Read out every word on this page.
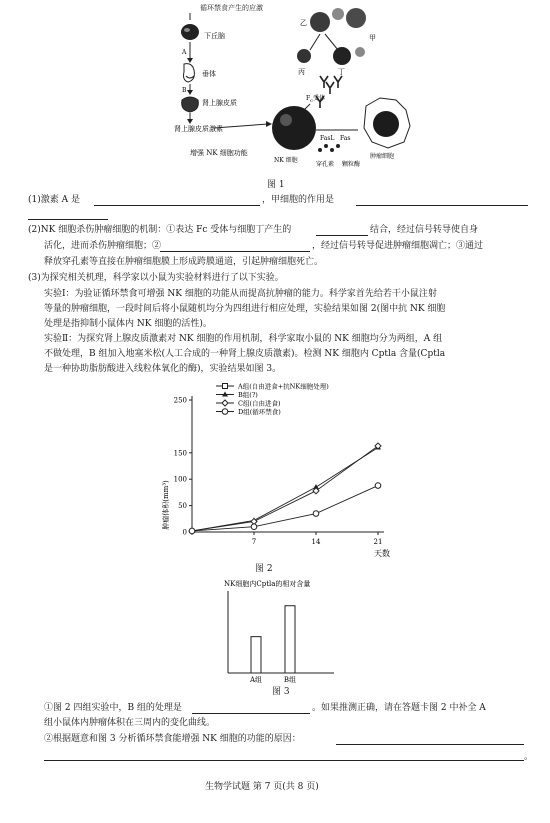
循环禁食产生的应激
下丘脑
A
垂体
B
肾上腺皮质
肾上腺皮质激素
增强 NK 细胞功能
NK 细胞
穿孔素 颗粒酶
FasL Fas
$F_c$受体
乙
甲
丙	丁
肿瘤细胞
图 1
(1)激素 A 是	，甲细胞的作用是
(2)NK 细胞杀伤肿瘤细胞的机制：①表达 Fc 受体与细胞丁产生的	结合，经过信号转导使自身
活化，进而杀伤肿瘤细胞；②	，经过信号转导促进肿瘤细胞凋亡；③通过
释放穿孔素等直接在肿瘤细胞膜上形成跨膜通道，引起肿瘤细胞死亡。
(3)为探究相关机理，科学家以小鼠为实验材料进行了以下实验。
实验Ⅰ：为验证循环禁食可增强 NK 细胞的功能从而提高抗肿瘤的能力。科学家首先给若干小鼠注射
等量的肿瘤细胞，一段时间后将小鼠随机均分为四组进行相应处理，实验结果如图 2(图中抗 NK 细胞
处理是指抑制小鼠体内 NK 细胞的活性)。
实验Ⅱ：为探究肾上腺皮质激素对 NK 细胞的作用机制，科学家取小鼠的 NK 细胞均分为两组，A 组
不做处理，B 组加入地塞米松(人工合成的一种肾上腺皮质激素)。检测 NK 细胞内 Cptla 含量(Cptla
是一种协助脂肪酸进入线粒体氧化的酶)，实验结果如图 3。
A组(自由进食+抗NK细胞处理)
B组(?)
C组(自由进食)
D组(循环禁食)
0
50
100
150
250
7	14	21
肿瘤体积(mm³)
天数
图 2
NK细胞内Cptla的相对含量
A组	B组
图 3
①图 2 四组实验中，B 组的处理是	。如果推测正确，请在答题卡图 2 中补全 A
组小鼠体内肿瘤体积在三周内的变化曲线。
②根据题意和图 3 分析循环禁食能增强 NK 细胞的功能的原因：
。
生物学试题 第 7 页(共 8 页)
